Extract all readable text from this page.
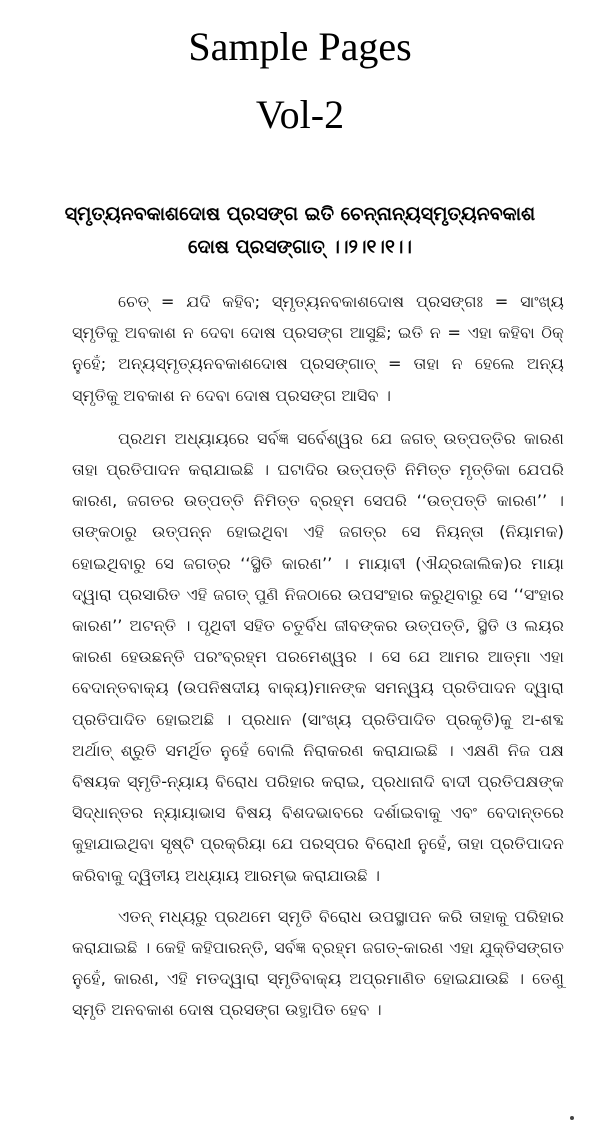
Sample Pages
Vol-2
ସ୍ମୃତ୍ୟନବକାଶଦୋଷ ପ୍ରସଙ୍ଗ ଇତି ଚେନ୍ନାନ୍ୟସ୍ମୃତ୍ୟନବକାଶ
ଦୋଷ ପ୍ରସଙ୍ଗାତ୍ ।।୨।୧।୧।।

ଚେତ୍ = ଯଦି କହିବ; ସ୍ମୃତ୍ୟନବକାଶଦୋଷ ପ୍ରସଙ୍ଗଃ = ସାଂଖ୍ୟ ସ୍ମୃତିକୁ ଅବକାଶ ନ ଦେବା ଦୋଷ ପ୍ରସଙ୍ଗ ଆସୁଛି; ଇତି ନ = ଏହା କହିବା ଠିକ୍ ନୁହେଁ; ଅନ୍ୟସ୍ମୃତ୍ୟନବକାଶଦୋଷ ପ୍ରସଙ୍ଗାତ୍ = ତାହା ନ ହେଲେ ଅନ୍ୟ ସ୍ମୃତିକୁ ଅବକାଶ ନ ଦେବା ଦୋଷ ପ୍ରସଙ୍ଗ ଆସିବ ।

ପ୍ରଥମ ଅଧ୍ୟାୟରେ ସର୍ବଜ୍ଞ ସର୍ବେଶ୍ୱର ଯେ ଜଗତ୍ ଉତ୍ପତ୍ତିର କାରଣ ତାହା ପ୍ରତିପାଦନ କରାଯାଇଛି । ଘଟାଦିର ଉତ୍ପତ୍ତି ନିମିତ୍ତ ମୃତ୍ତିକା ଯେପରି କାରଣ, ଜଗତର ଉତ୍ପତ୍ତି ନିମିତ୍ତ ବ୍ରହ୍ମ ସେପରି ‘‘ଉତ୍ପତ୍ତି କାରଣ’’ । ତାଙ୍କଠାରୁ ଉତ୍ପନ୍ନ ହୋଇଥିବା ଏହି ଜଗତ୍ର ସେ ନିୟନ୍ତା (ନିୟାମକ) ହୋଇଥିବାରୁ ସେ ଜଗତ୍ର ‘‘ସ୍ଥିତି କାରଣ’’ । ମାୟାବୀ (ଐନ୍ଦ୍ରଜାଲିକ)ର ମାୟା ଦ୍ୱାରା ପ୍ରସାରିତ ଏହି ଜଗତ୍ ପୁଣି ନିଜଠାରେ ଉପସଂହାର କରୁଥିବାରୁ ସେ ‘‘ସଂହାର କାରଣ’’ ଅଟନ୍ତି । ପୃଥିବୀ ସହିତ ଚତୁର୍ବିଧ ଜୀବଙ୍କର ଉତ୍ପତ୍ତି, ସ୍ଥିତି ଓ ଲୟର କାରଣ ହେଉଛନ୍ତି ପରଂବ୍ରହ୍ମ ପରମେଶ୍ୱର । ସେ ଯେ ଆମର ଆତ୍ମା ଏହା ବେଦାନ୍ତବାକ୍ୟ (ଉପନିଷଦୀୟ ବାକ୍ୟ)ମାନଙ୍କ ସମନ୍ୱୟ ପ୍ରତିପାଦନ ଦ୍ୱାରା ପ୍ରତିପାଦିତ ହୋଇଅଛି । ପ୍ରଧାନ (ସାଂଖ୍ୟ ପ୍ରତିପାଦିତ ପ୍ରକୃତି)କୁ ଅ-ଶବ୍ଦ ଅର୍ଥାତ୍ ଶ୍ରୁତି ସମର୍ଥିତ ନୁହେଁ ବୋଲି ନିରାକରଣ କରାଯାଇଛି । ଏକ୍ଷଣି ନିଜ ପକ୍ଷ ବିଷୟକ ସ୍ମୃତି-ନ୍ୟାୟ ବିରୋଧ ପରିହାର କରାଇ, ପ୍ରଧାନାଦି ବାଦୀ ପ୍ରତିପକ୍ଷଙ୍କ ସିଦ୍ଧାନ୍ତର ନ୍ୟାୟାଭାସ ବିଷୟ ବିଶଦଭାବରେ ଦର୍ଶାଇବାକୁ ଏବଂ ବେଦାନ୍ତରେ କୁହାଯାଇଥିବା ସୃଷ୍ଟି ପ୍ରକ୍ରିୟା ଯେ ପରସ୍ପର ବିରୋଧୀ ନୁହେଁ, ତାହା ପ୍ରତିପାଦନ କରିବାକୁ ଦ୍ୱିତୀୟ ଅଧ୍ୟାୟ ଆରମ୍ଭ କରାଯାଉଛି ।

ଏତନ୍ ମଧ୍ୟରୁ ପ୍ରଥମେ ସ୍ମୃତି ବିରୋଧ ଉପସ୍ଥାପନ କରି ତାହାକୁ ପରିହାର କରାଯାଇଛି । କେହି କହିପାରନ୍ତି, ସର୍ବଜ୍ଞ ବ୍ରହ୍ମ ଜଗତ୍-କାରଣ ଏହା ଯୁକ୍ତିସଙ୍ଗତ ନୁହେଁ, କାରଣ, ଏହି ମତଦ୍ୱାରା ସ୍ମୃତିବାକ୍ୟ ଅପ୍ରମାଣିତ ହୋଇଯାଉଛି । ତେଣୁ ସ୍ମୃତି ଅନବକାଶ ଦୋଷ ପ୍ରସଙ୍ଗ ଉତ୍ଥାପିତ ହେବ ।
